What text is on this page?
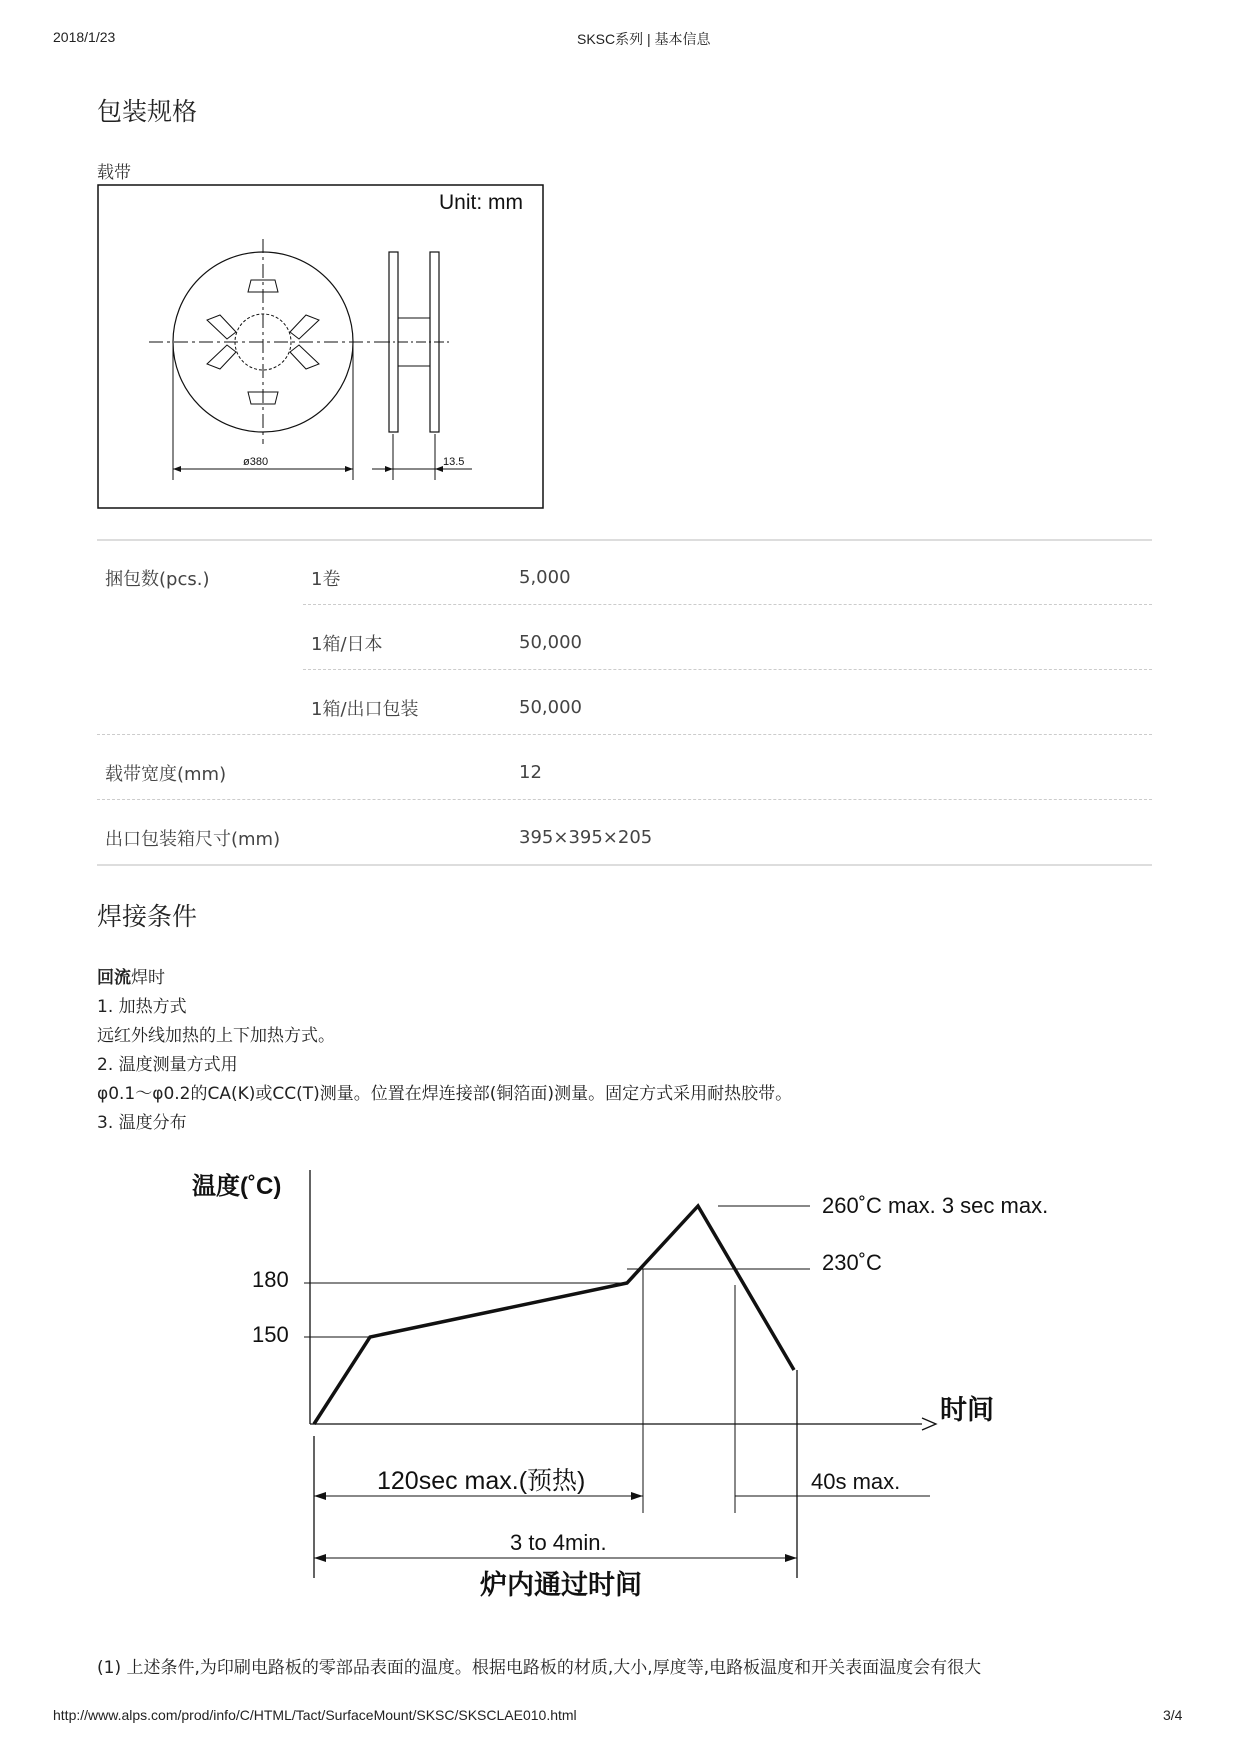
2018/1/23	SKSC系列 | 基本信息
包装规格
载带
Unit: mm
ø380	13.5
捆包数(pcs.)	1卷	5,000
	1箱/日本	50,000
	1箱/出口包装	50,000
载带宽度(mm)		12
出口包装箱尺寸(mm)		395×395×205
焊接条件
回流焊时
1. 加热方式
远红外线加热的上下加热方式。
2. 温度测量方式用
φ0.1～φ0.2的CA(K)或CC(T)测量。位置在焊连接部(铜箔面)测量。固定方式采用耐热胶带。
3. 温度分布
温度(˚C)
180
150
时间
260˚C max. 3 sec max.
230˚C
120sec max.(预热)	40s max.
3 to 4min.
炉内通过时间
(1) 上述条件,为印刷电路板的零部品表面的温度。根据电路板的材质,大小,厚度等,电路板温度和开关表面温度会有很大
http://www.alps.com/prod/info/C/HTML/Tact/SurfaceMount/SKSC/SKSCLAE010.html	3/4
